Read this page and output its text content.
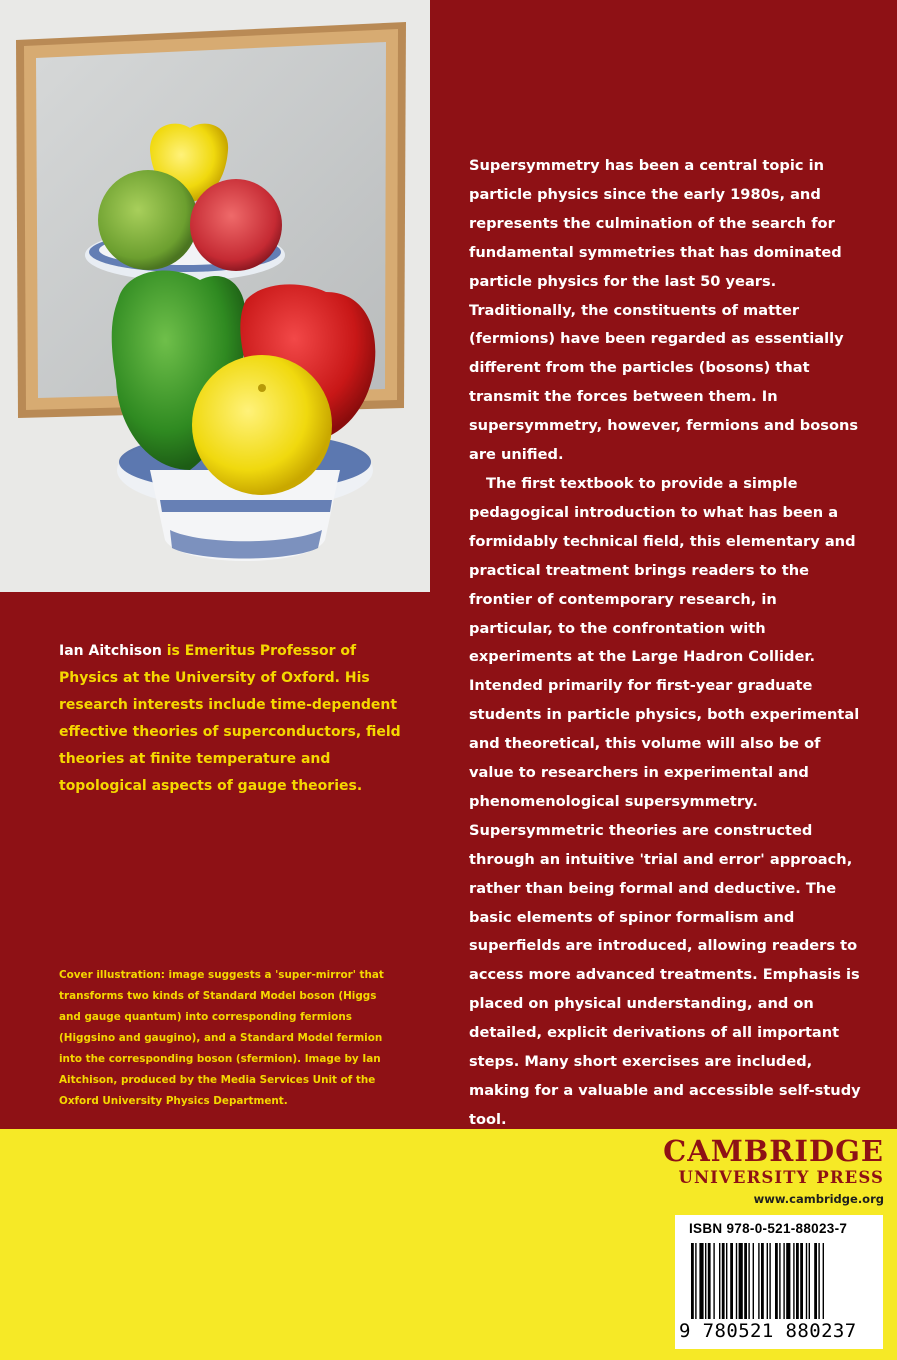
Supersymmetry has been a central topic in particle physics since the early 1980s, and represents the culmination of the search for fundamental symmetries that has dominated particle physics for the last 50 years. Traditionally, the constituents of matter (fermions) have been regarded as essentially different from the particles (bosons) that transmit the forces between them. In supersymmetry, however, fermions and bosons are unified.

The first textbook to provide a simple pedagogical introduction to what has been a formidably technical field, this elementary and practical treatment brings readers to the frontier of contemporary research, in particular, to the confrontation with experiments at the Large Hadron Collider. Intended primarily for first-year graduate students in particle physics, both experimental and theoretical, this volume will also be of value to researchers in experimental and phenomenological supersymmetry. Supersymmetric theories are constructed through an intuitive 'trial and error' approach, rather than being formal and deductive. The basic elements of spinor formalism and superfields are introduced, allowing readers to access more advanced treatments. Emphasis is placed on physical understanding, and on detailed, explicit derivations of all important steps. Many short exercises are included, making for a valuable and accessible self-study tool.

Ian Aitchison is Emeritus Professor of Physics at the University of Oxford. His research interests include time-dependent effective theories of superconductors, field theories at finite temperature and topological aspects of gauge theories.
Cover illustration: image suggests a 'super-mirror' that transforms two kinds of Standard Model boson (Higgs and gauge quantum) into corresponding fermions (Higgsino and gaugino), and a Standard Model fermion into the corresponding boson (sfermion). Image by Ian Aitchison, produced by the Media Services Unit of the Oxford University Physics Department.
CAMBRIDGE
UNIVERSITY PRESS
www.cambridge.org
ISBN 978-0-521-88023-7
9 780521 880237
